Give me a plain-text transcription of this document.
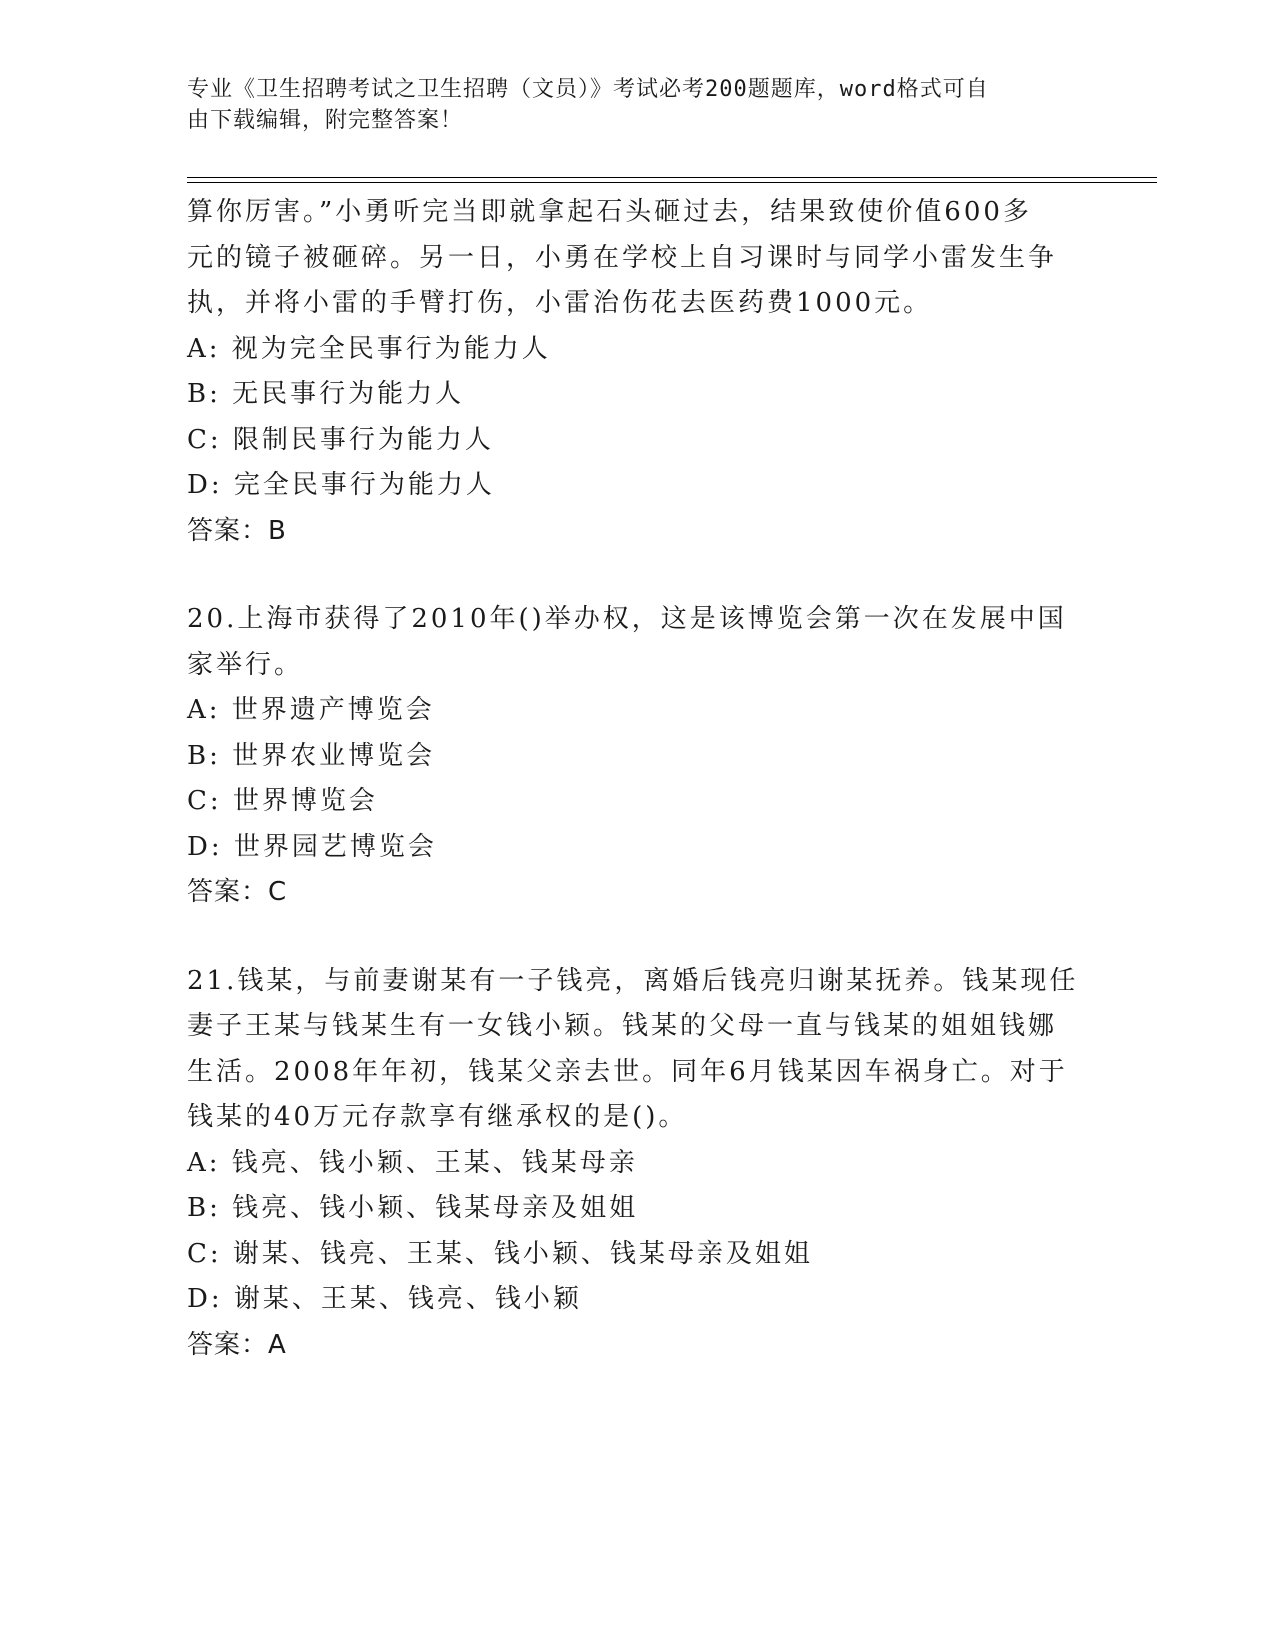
专业《卫生招聘考试之卫生招聘（文员）》考试必考200题题库，word格式可自
由下载编辑，附完整答案！

算你厉害。”小勇听完当即就拿起石头砸过去，结果致使价值600多

元的镜子被砸碎。另一日，小勇在学校上自习课时与同学小雷发生争

执，并将小雷的手臂打伤，小雷治伤花去医药费1000元。

A: 视为完全民事行为能力人

B: 无民事行为能力人

C: 限制民事行为能力人

D: 完全民事行为能力人

答案：B

20.上海市获得了2010年()举办权，这是该博览会第一次在发展中国

家举行。

A: 世界遗产博览会

B: 世界农业博览会

C: 世界博览会

D: 世界园艺博览会

答案：C

21.钱某，与前妻谢某有一子钱亮，离婚后钱亮归谢某抚养。钱某现任

妻子王某与钱某生有一女钱小颖。钱某的父母一直与钱某的姐姐钱娜

生活。2008年年初，钱某父亲去世。同年6月钱某因车祸身亡。对于

钱某的40万元存款享有继承权的是()。

A: 钱亮、钱小颖、王某、钱某母亲

B: 钱亮、钱小颖、钱某母亲及姐姐

C: 谢某、钱亮、王某、钱小颖、钱某母亲及姐姐

D: 谢某、王某、钱亮、钱小颖

答案：A
